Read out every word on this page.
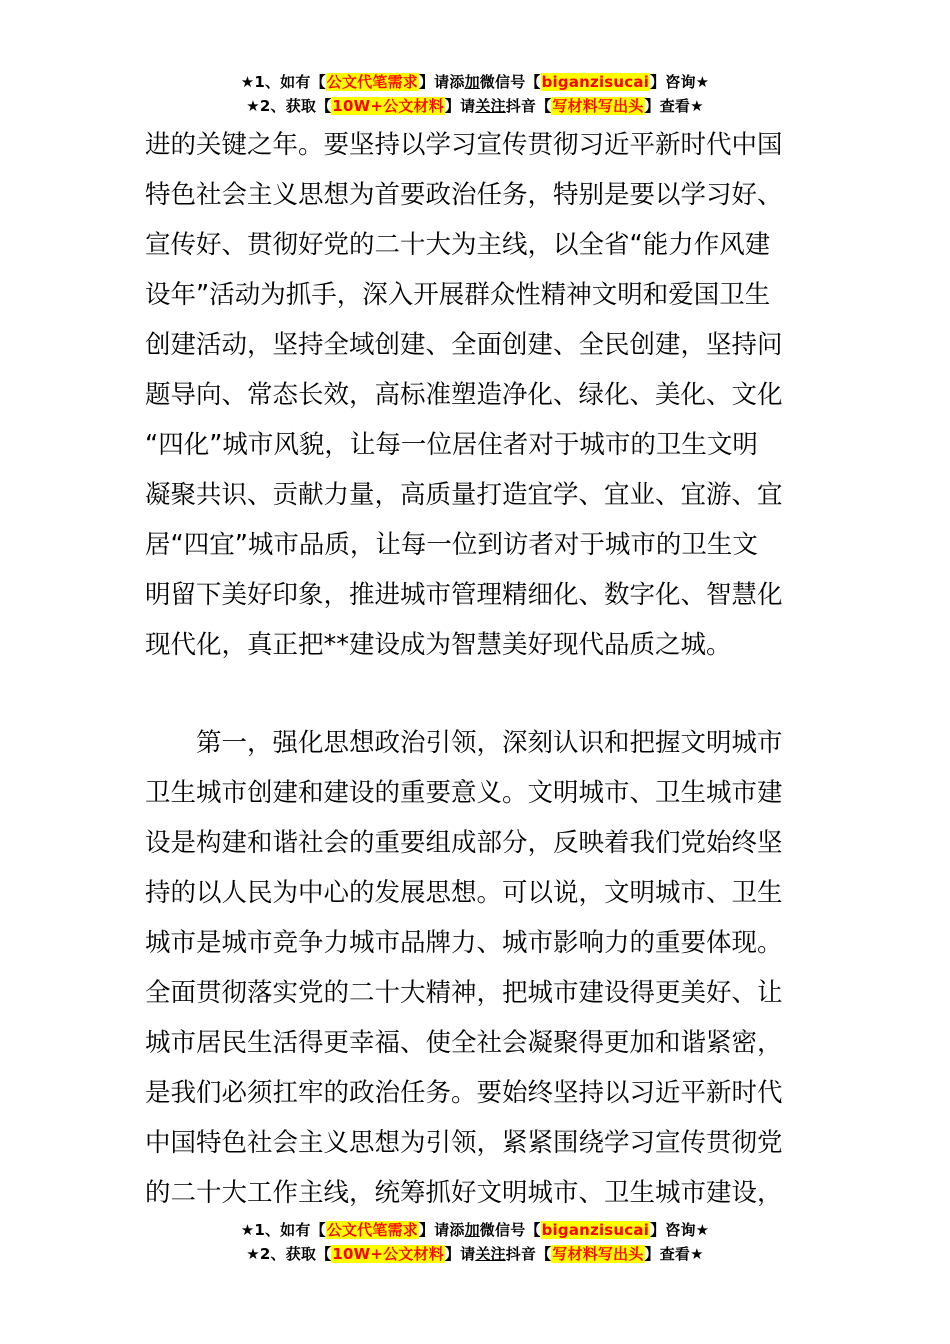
★1、如有【公文代笔需求】请添加微信号【biganzisucai】咨询★
★2、获取【10W+公文材料】请关注抖音【写材料写出头】查看★
进的关键之年。要坚持以学习宣传贯彻习近平新时代中国
特色社会主义思想为首要政治任务，特别是要以学习好、
宣传好、贯彻好党的二十大为主线，以全省“能力作风建
设年”活动为抓手，深入开展群众性精神文明和爱国卫生
创建活动，坚持全域创建、全面创建、全民创建，坚持问
题导向、常态长效，高标准塑造净化、绿化、美化、文化
“四化”城市风貌，让每一位居住者对于城市的卫生文明
凝聚共识、贡献力量，高质量打造宜学、宜业、宜游、宜
居“四宜”城市品质，让每一位到访者对于城市的卫生文
明留下美好印象，推进城市管理精细化、数字化、智慧化
现代化，真正把**建设成为智慧美好现代品质之城。
第一，强化思想政治引领，深刻认识和把握文明城市
卫生城市创建和建设的重要意义。文明城市、卫生城市建
设是构建和谐社会的重要组成部分，反映着我们党始终坚
持的以人民为中心的发展思想。可以说，文明城市、卫生
城市是城市竞争力城市品牌力、城市影响力的重要体现。
全面贯彻落实党的二十大精神，把城市建设得更美好、让
城市居民生活得更幸福、使全社会凝聚得更加和谐紧密，
是我们必须扛牢的政治任务。要始终坚持以习近平新时代
中国特色社会主义思想为引领，紧紧围绕学习宣传贯彻党
的二十大工作主线，统筹抓好文明城市、卫生城市建设，
★1、如有【公文代笔需求】请添加微信号【biganzisucai】咨询★
★2、获取【10W+公文材料】请关注抖音【写材料写出头】查看★
